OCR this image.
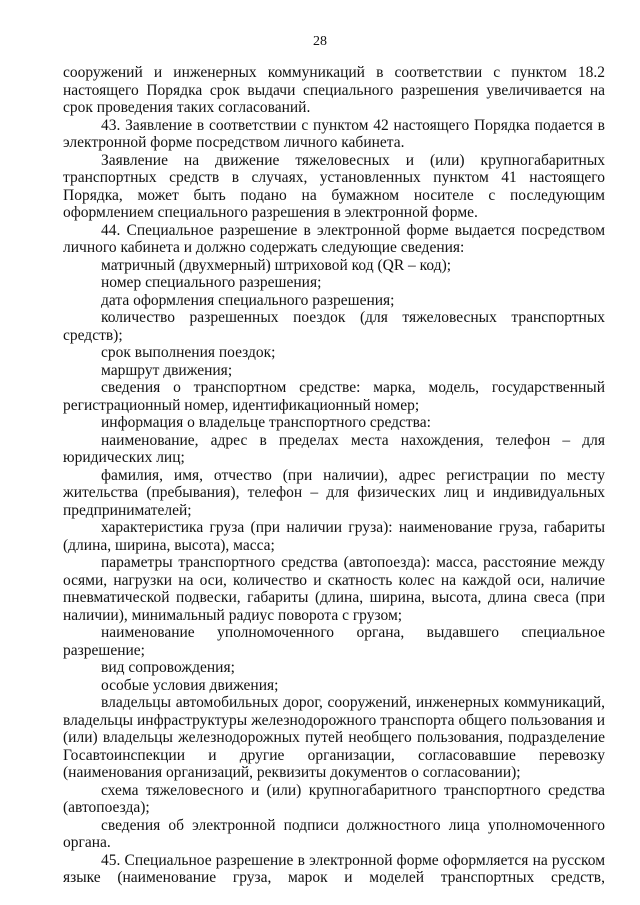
28

сооружений и инженерных коммуникаций в соответствии с пунктом 18.2 настоящего Порядка срок выдачи специального разрешения увеличивается на срок проведения таких согласований.

43. Заявление в соответствии с пунктом 42 настоящего Порядка подается в электронной форме посредством личного кабинета.

Заявление на движение тяжеловесных и (или) крупногабаритных транспортных средств в случаях, установленных пунктом 41 настоящего Порядка, может быть подано на бумажном носителе с последующим оформлением специального разрешения в электронной форме.

44. Специальное разрешение в электронной форме выдается посредством личного кабинета и должно содержать следующие сведения:

матричный (двухмерный) штриховой код (QR – код);

номер специального разрешения;

дата оформления специального разрешения;

количество разрешенных поездок (для тяжеловесных транспортных средств);

срок выполнения поездок;

маршрут движения;

сведения о транспортном средстве: марка, модель, государственный регистрационный номер, идентификационный номер;

информация о владельце транспортного средства:

наименование, адрес в пределах места нахождения, телефон – для юридических лиц;

фамилия, имя, отчество (при наличии), адрес регистрации по месту жительства (пребывания), телефон – для физических лиц и индивидуальных предпринимателей;

характеристика груза (при наличии груза): наименование груза, габариты (длина, ширина, высота), масса;

параметры транспортного средства (автопоезда): масса, расстояние между осями, нагрузки на оси, количество и скатность колес на каждой оси, наличие пневматической подвески, габариты (длина, ширина, высота, длина свеса (при наличии), минимальный радиус поворота с грузом;

наименование уполномоченного органа, выдавшего специальное разрешение;

вид сопровождения;

особые условия движения;

владельцы автомобильных дорог, сооружений, инженерных коммуникаций, владельцы инфраструктуры железнодорожного транспорта общего пользования и (или) владельцы железнодорожных путей необщего пользования, подразделение Госавтоинспекции и другие организации, согласовавшие перевозку (наименования организаций, реквизиты документов о согласовании);

схема тяжеловесного и (или) крупногабаритного транспортного средства (автопоезда);

сведения об электронной подписи должностного лица уполномоченного органа.

45. Специальное разрешение в электронной форме оформляется на русском языке (наименование груза, марок и моделей транспортных средств,
